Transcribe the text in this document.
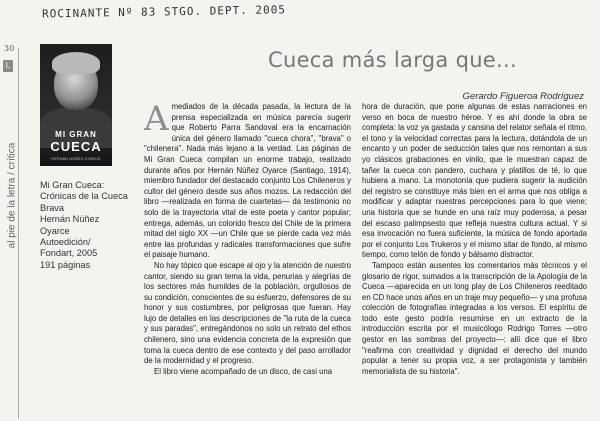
ROCINANTE Nº 83 STGO. DEPT. 2005
30
L
al pie de la letra / crítica
MI GRAN
CUECA
HERNÁN NÚÑEZ OYARCE
Mi Gran Cueca:
Crónicas de la Cueca
Brava
Hernán Núñez
Oyarce
Autoedición/
Fondart, 2005
191 páginas
Cueca más larga que...
Gerardo Figueroa Rodríguez

Amediados de la década pasada, la lectura de la prensa especializada en música parecía sugerir que Roberto Parra Sandoval era la encarnación única del género llamado "cueca chora", "brava" o "chilenera". Nada más lejano a la verdad. Las páginas de Mi Gran Cueca compilan un enorme trabajo, realizado durante años por Hernán Núñez Oyarce (Santiago, 1914), miembro fundador del destacado conjunto Los Chileneros y cultor del género desde sus años mozos. La redacción del libro —realizada en forma de cuartetas— da testimonio no solo de la trayectoria vital de este poeta y cantor popular; entrega, además, un colorido fresco del Chile de la primera mitad del siglo XX —un Chile que se pierde cada vez más entre las profundas y radicales transformaciones que sufre el paisaje humano.

No hay tópico que escape al ojo y la atención de nuestro cantor, siendo su gran tema la vida, penurias y alegrías de los sectores más humildes de la población, orgullosos de su condición, conscientes de su esfuerzo, defensores de su honor y sus costumbres, por peligrosas que fueran. Hay lujo de detalles en las descripciones de "la ruta de la cueca y sus paradas", entregándonos no solo un retrato del ethos chilenero, sino una evidencia concreta de la expresión que toma la cueca dentro de ese contexto y del paso arrollador de la modernidad y el progreso.

El libro viene acompañado de un disco, de casi una

hora de duración, que pone algunas de estas narraciones en verso en boca de nuestro héroe. Y es ahí donde la obra se completa: la voz ya gastada y cansina del relator señala el ritmo, el tono y la velocidad correctas para la lectura, dotándola de un encanto y un poder de seducción tales que nos remontan a sus yo clásicos grabaciones en vinilo, que le muestran capaz de tañer la cueca con pandero, cuchara y platillos de té, lo que hubiera a mano. La monotonía que pudiera sugerir la audición del registro se constituye más bien en el arma que nos obliga a modificar y adaptar nuestras percepciones para lo que viene; una historia que se hunde en una raíz muy poderosa, a pesar del escaso palimpsesto que refleja nuestra cultura actual. Y si esa invocación no fuera suficiente, la música de fondo aportada por el conjunto Los Trukeros y el mismo sitar de fondo, al mismo tiempo, como telón de fondo y bálsamo distractor.

Tampoco están ausentes los comentarios más técnicos y el glosario de rigor, sumados a la transcripción de la Apología de la Cueca —aparecida en un long play de Los Chileneros reeditado en CD hace unos años en un traje muy pequeño— y una profusa colección de fotografías integradas a los versos. El espíritu de todo este gesto podría resumirse en un extracto de la introducción escrita por el musicólogo Rodrigo Torres —otro gestor en las sombras del proyecto—: allí dice que el libro "reafirma con creatividad y dignidad el derecho del mundo popular a tener su propia voz, a ser protagonista y también memorialista de su historia".
